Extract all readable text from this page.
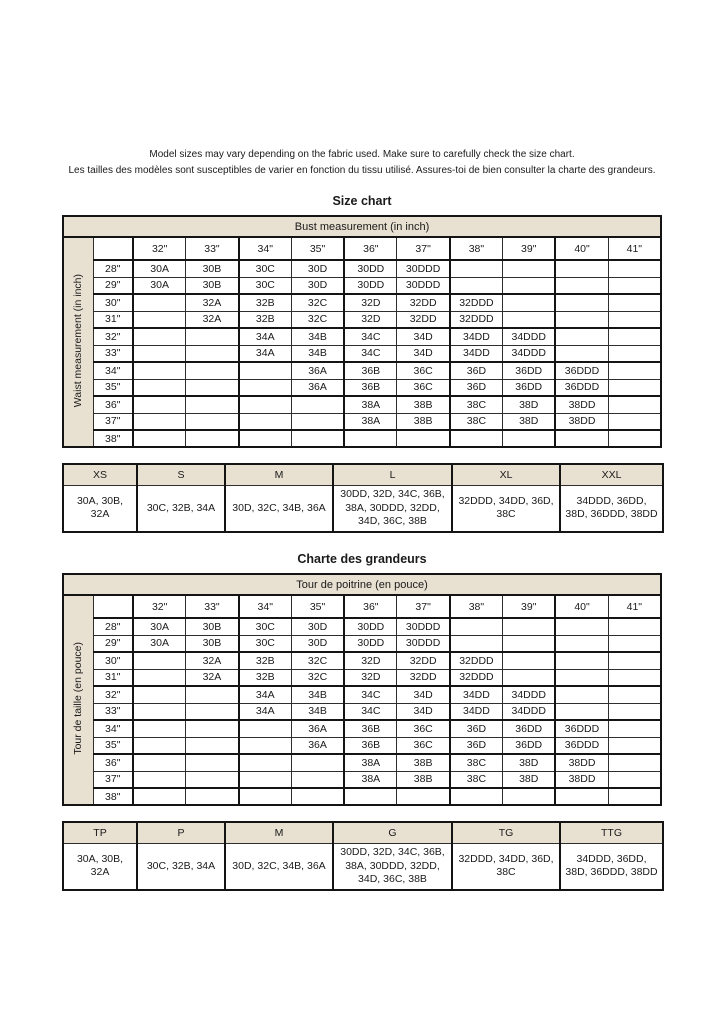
Model sizes may vary depending on the fabric used. Make sure to carefully check the size chart.

Les tailles des modèles sont susceptibles de varier en fonction du tissu utilisé. Assures-toi de bien consulter la charte des grandeurs.

Size chart
Bust measurement (in inch)											
Waist measurement (in inch)		32"	33"	34"	35"	36"	37"	38"	39"	40"	41"
	28"	30A	30B	30C	30D	30DD	30DDD				
	29"	30A	30B	30C	30D	30DD	30DDD				
	30"		32A	32B	32C	32D	32DD	32DDD			
	31"		32A	32B	32C	32D	32DD	32DDD			
	32"			34A	34B	34C	34D	34DD	34DDD		
	33"			34A	34B	34C	34D	34DD	34DDD		
	34"				36A	36B	36C	36D	36DD	36DDD	
	35"				36A	36B	36C	36D	36DD	36DDD	
	36"					38A	38B	38C	38D	38DD	
	37"					38A	38B	38C	38D	38DD	
	38"										
XS	S	M	L	XL	XXL
30A, 30B, 32A	30C, 32B, 34A	30D, 32C, 34B, 36A	30DD, 32D, 34C, 36B, 38A, 30DDD, 32DD, 34D, 36C, 38B	32DDD, 34DD, 36D, 38C	34DDD, 36DD, 38D, 36DDD, 38DD
Charte des grandeurs
Tour de poitrine (en pouce)											
Tour de taille (en pouce)		32"	33"	34"	35"	36"	37"	38"	39"	40"	41"
	28"	30A	30B	30C	30D	30DD	30DDD				
	29"	30A	30B	30C	30D	30DD	30DDD				
	30"		32A	32B	32C	32D	32DD	32DDD			
	31"		32A	32B	32C	32D	32DD	32DDD			
	32"			34A	34B	34C	34D	34DD	34DDD		
	33"			34A	34B	34C	34D	34DD	34DDD		
	34"				36A	36B	36C	36D	36DD	36DDD	
	35"				36A	36B	36C	36D	36DD	36DDD	
	36"					38A	38B	38C	38D	38DD	
	37"					38A	38B	38C	38D	38DD	
	38"										
TP	P	M	G	TG	TTG
30A, 30B, 32A	30C, 32B, 34A	30D, 32C, 34B, 36A	30DD, 32D, 34C, 36B, 38A, 30DDD, 32DD, 34D, 36C, 38B	32DDD, 34DD, 36D, 38C	34DDD, 36DD, 38D, 36DDD, 38DD
